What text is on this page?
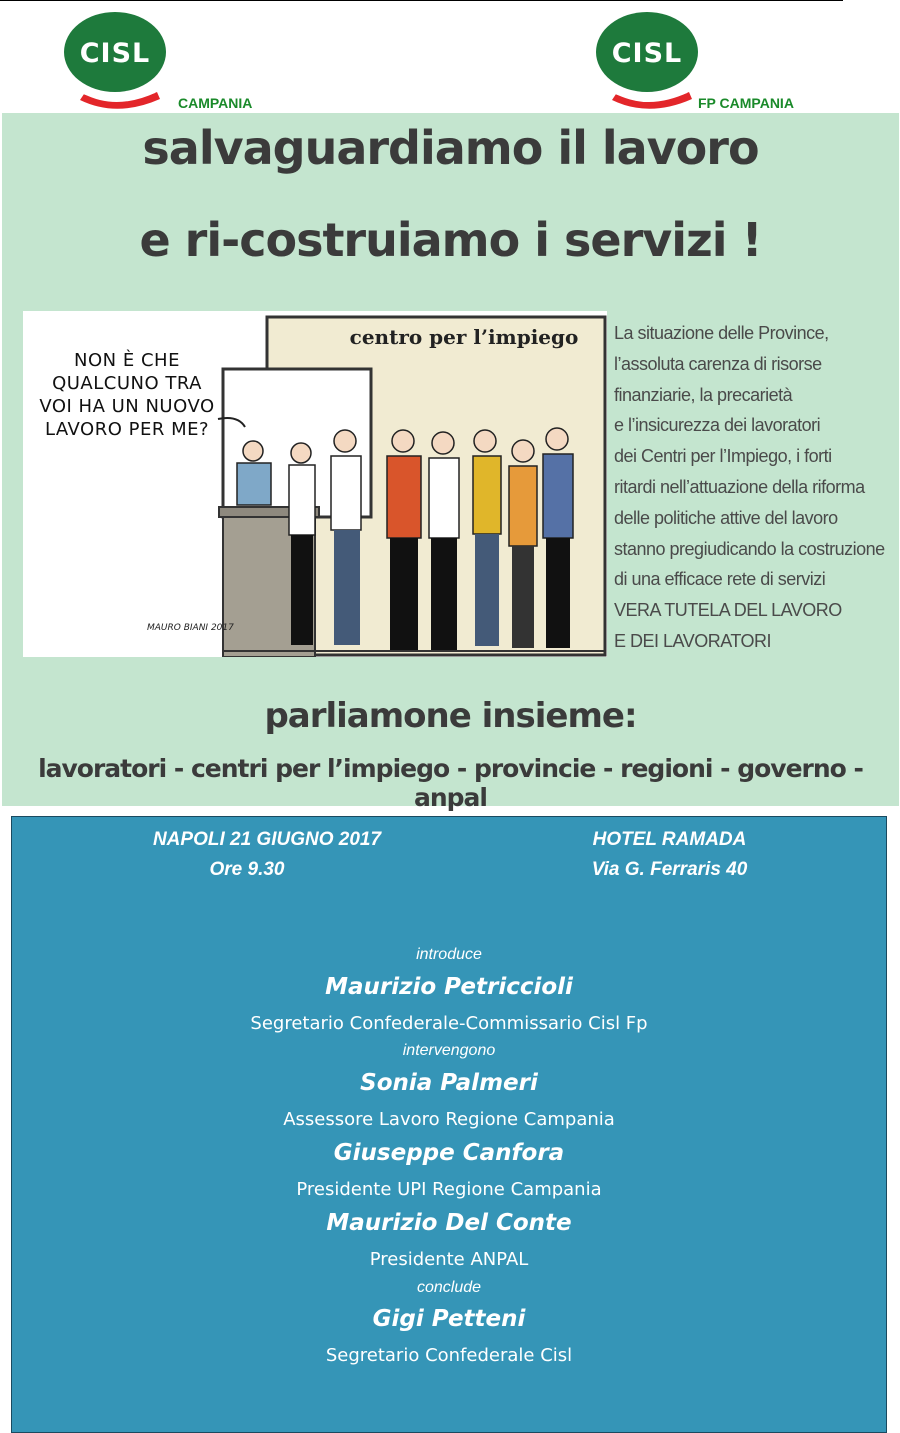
CISL
CAMPANIA
CISL
FP CAMPANIA
salvaguardiamo il lavoro
e ri-costruiamo i servizi !
centro per l’impiego
NON È CHE
QUALCUNO TRA
VOI HA UN NUOVO
LAVORO PER ME?
MAURO BIANI 2017
La situazione delle Province,
l’assoluta carenza di risorse
finanziarie, la precarietà
e l’insicurezza dei lavoratori
dei Centri per l’Impiego, i forti
ritardi nell’attuazione della riforma
delle politiche attive del lavoro
stanno pregiudicando la costruzione
di una efficace rete di servizi
VERA TUTELA DEL LAVORO
E DEI LAVORATORI
parliamone insieme:
lavoratori - centri per l’impiego - provincie - regioni - governo - anpal
NAPOLI 21 GIUGNO 2017
Ore 9.30
HOTEL RAMADA
Via G. Ferraris 40
introduce
Maurizio Petriccioli
Segretario Confederale-Commissario Cisl Fp
intervengono
Sonia Palmeri
Assessore Lavoro Regione Campania
Giuseppe Canfora
Presidente UPI Regione Campania
Maurizio Del Conte
Presidente ANPAL
conclude
Gigi Petteni
Segretario Confederale Cisl
